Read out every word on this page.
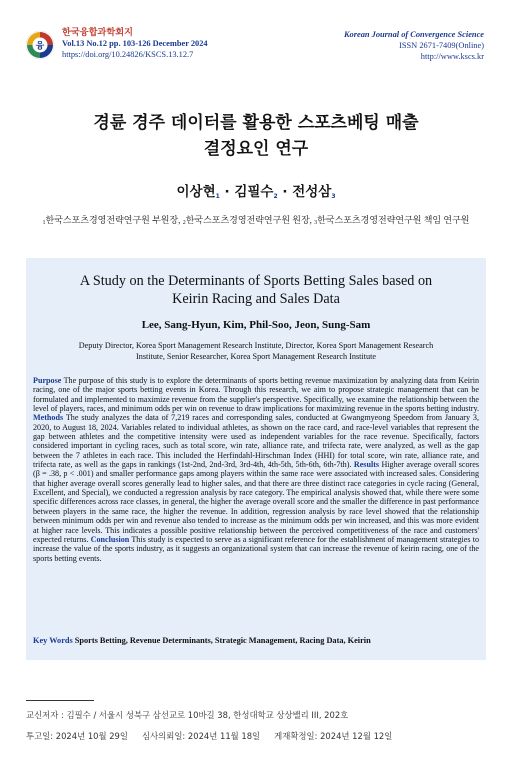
융
한국융합과학회지
Vol.13 No.12 pp. 103-126 December 2024
https://doi.org/10.24826/KSCS.13.12.7
Korean Journal of Convergence Science
ISSN 2671-7409(Online)
http://www.kscs.kr
경륜 경주 데이터를 활용한 스포츠베팅 매출
결정요인 연구
이상현$_1$ · 김필수$_2$ · 전성삼$_3$
$_1$한국스포츠경영전략연구원 부원장, $_2$한국스포츠경영전략연구원 원장, $_3$한국스포츠경영전략연구원 책임 연구원
A Study on the Determinants of Sports Betting Sales based on
Keirin Racing and Sales Data
Lee, Sang-Hyun, Kim, Phil-Soo, Jeon, Sung-Sam
Deputy Director, Korea Sport Management Research Institute, Director, Korea Sport Management Research
Institute, Senior Researcher, Korea Sport Management Research Institute
Purpose The purpose of this study is to explore the determinants of sports betting revenue maximization by analyzing data from Keirin racing, one of the major sports betting events in Korea. Through this research, we aim to propose strategic management that can be formulated and implemented to maximize revenue from the supplier's perspective. Specifically, we examine the relationship between the level of players, races, and minimum odds per win on revenue to draw implications for maximizing revenue in the sports betting industry. Methods The study analyzes the data of 7,219 races and corresponding sales, conducted at Gwangmyeong Speedom from January 3, 2020, to August 18, 2024. Variables related to individual athletes, as shown on the race card, and race-level variables that represent the gap between athletes and the competitive intensity were used as independent variables for the race revenue. Specifically, factors considered important in cycling races, such as total score, win rate, alliance rate, and trifecta rate, were analyzed, as well as the gap between the 7 athletes in each race. This included the Herfindahl-Hirschman Index (HHI) for total score, win rate, alliance rate, and trifecta rate, as well as the gaps in rankings (1st-2nd, 2nd-3rd, 3rd-4th, 4th-5th, 5th-6th, 6th-7th). Results Higher average overall scores (β = .38, p < .001) and smaller performance gaps among players within the same race were associated with increased sales. Considering that higher average overall scores generally lead to higher sales, and that there are three distinct race categories in cycle racing (General, Excellent, and Special), we conducted a regression analysis by race category. The empirical analysis showed that, while there were some specific differences across race classes, in general, the higher the average overall score and the smaller the difference in past performance between players in the same race, the higher the revenue. In addition, regression analysis by race level showed that the relationship between minimum odds per win and revenue also tended to increase as the minimum odds per win increased, and this was more evident at higher race levels. This indicates a possible positive relationship between the perceived competitiveness of the race and customers' expected returns. Conclusion This study is expected to serve as a significant reference for the establishment of management strategies to increase the value of the sports industry, as it suggests an organizational system that can increase the revenue of keirin racing, one of the sports betting events.
Key Words Sports Betting, Revenue Determinants, Strategic Management, Racing Data, Keirin
교신저자 : 김필수 / 서울시 성북구 삼선교로 10바길 38, 한성대학교 상상밸리 III, 202호
투고일: 2024년 10월 29일 심사의뢰일: 2024년 11월 18일 게재확정일: 2024년 12월 12일
